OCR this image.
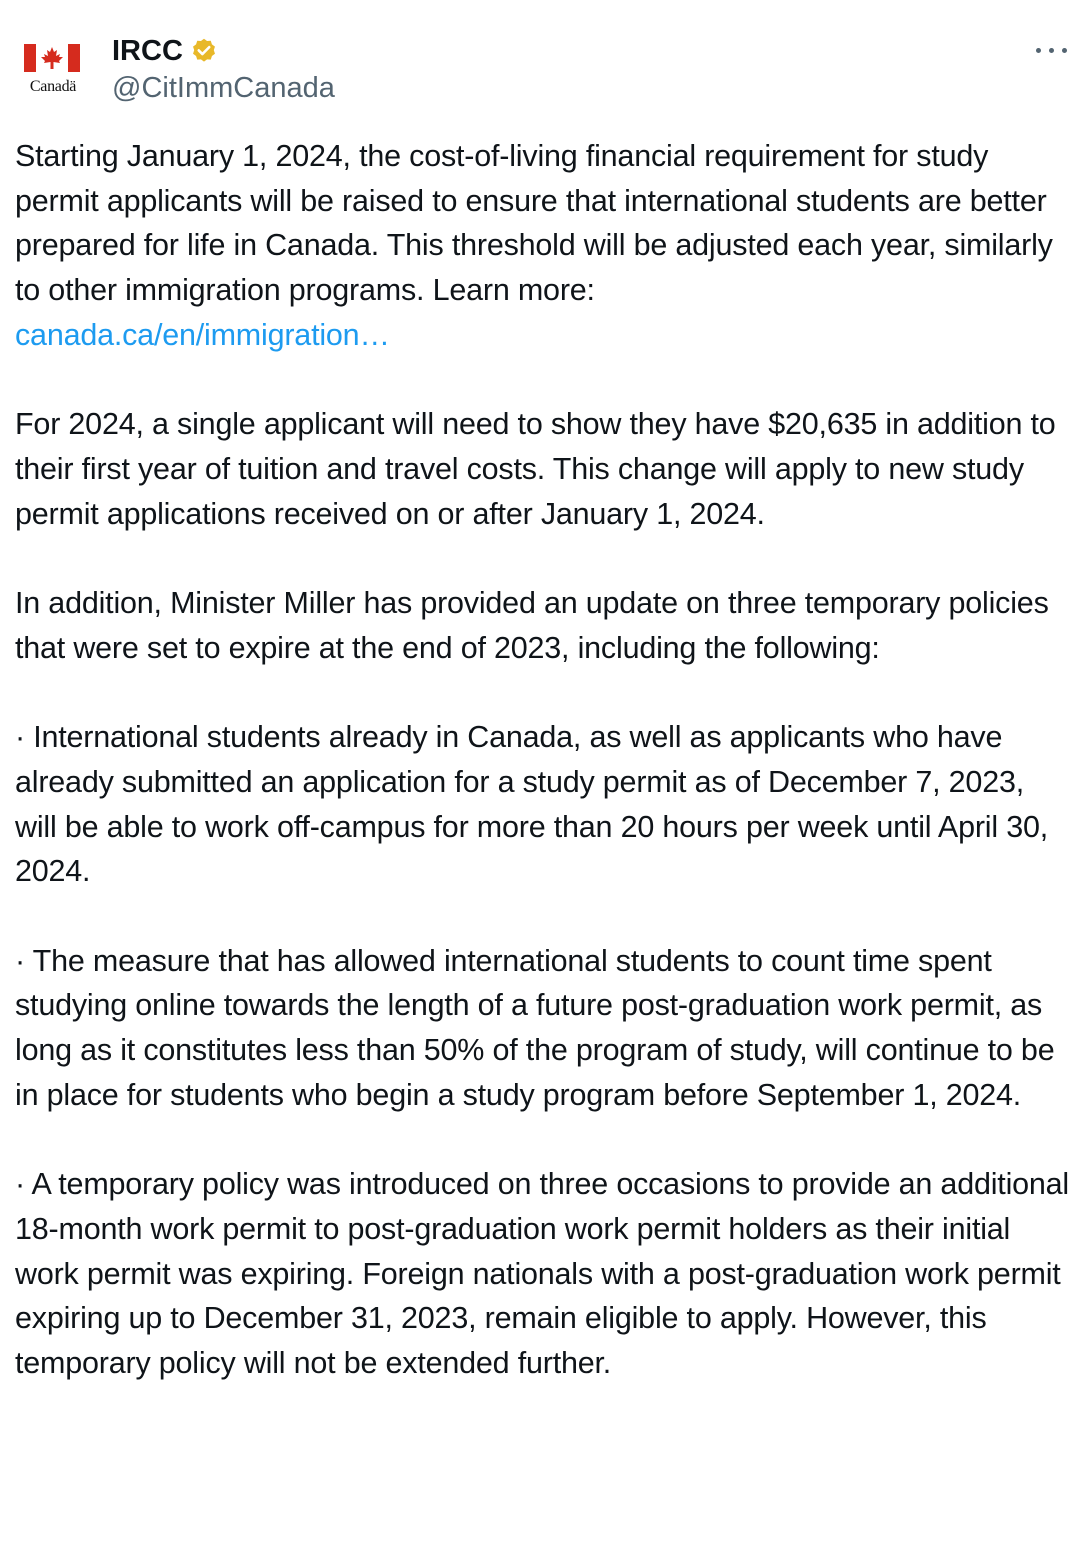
Canadä
IRCC
@CitImmCanada

Starting January 1, 2024, the cost-of-living financial requirement for study permit applicants will be raised to ensure that international students are better prepared for life in Canada. This threshold will be adjusted each year, similarly to other immigration programs. Learn more:
canada.ca/en/immigration…

For 2024, a single applicant will need to show they have $20,635 in addition to their first year of tuition and travel costs. This change will apply to new study permit applications received on or after January 1, 2024.

In addition, Minister Miller has provided an update on three temporary policies that were set to expire at the end of 2023, including the following:

· International students already in Canada, as well as applicants who have already submitted an application for a study permit as of December 7, 2023, will be able to work off-campus for more than 20 hours per week until April 30, 2024.

· The measure that has allowed international students to count time spent studying online towards the length of a future post-graduation work permit, as long as it constitutes less than 50% of the program of study, will continue to be in place for students who begin a study program before September 1, 2024.

· A temporary policy was introduced on three occasions to provide an additional 18-month work permit to post-graduation work permit holders as their initial work permit was expiring. Foreign nationals with a post-graduation work permit expiring up to December 31, 2023, remain eligible to apply. However, this temporary policy will not be extended further.
